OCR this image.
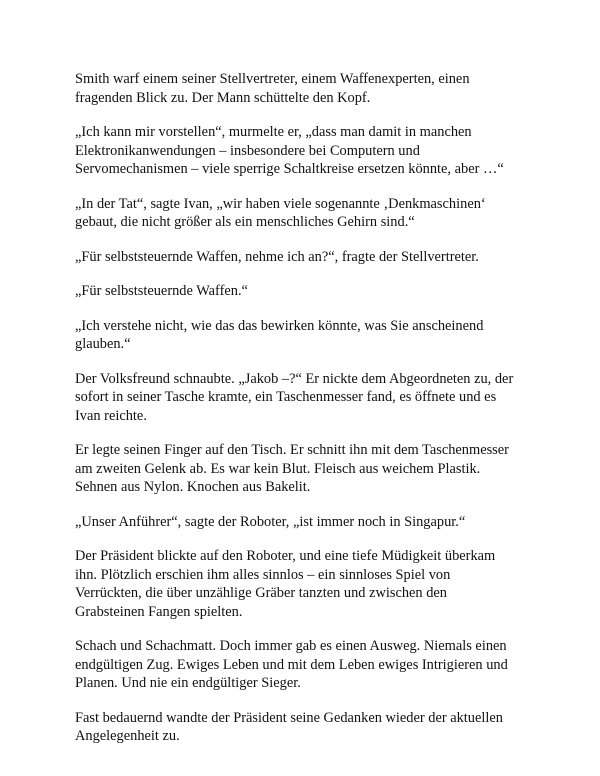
Smith warf einem seiner Stellvertreter, einem Waffenexperten, einen
fragenden Blick zu. Der Mann schüttelte den Kopf.

„Ich kann mir vorstellen“, murmelte er, „dass man damit in manchen
Elektronikanwendungen – insbesondere bei Computern und
Servomechanismen – viele sperrige Schaltkreise ersetzen könnte, aber …“

„In der Tat“, sagte Ivan, „wir haben viele sogenannte ‚Denkmaschinen‘
gebaut, die nicht größer als ein menschliches Gehirn sind.“

„Für selbststeuernde Waffen, nehme ich an?“, fragte der Stellvertreter.

„Für selbststeuernde Waffen.“

„Ich verstehe nicht, wie das das bewirken könnte, was Sie anscheinend
glauben.“

Der Volksfreund schnaubte. „Jakob –?“ Er nickte dem Abgeordneten zu, der
sofort in seiner Tasche kramte, ein Taschenmesser fand, es öffnete und es
Ivan reichte.

Er legte seinen Finger auf den Tisch. Er schnitt ihn mit dem Taschenmesser
am zweiten Gelenk ab. Es war kein Blut. Fleisch aus weichem Plastik.
Sehnen aus Nylon. Knochen aus Bakelit.

„Unser Anführer“, sagte der Roboter, „ist immer noch in Singapur.“

Der Präsident blickte auf den Roboter, und eine tiefe Müdigkeit überkam
ihn. Plötzlich erschien ihm alles sinnlos – ein sinnloses Spiel von
Verrückten, die über unzählige Gräber tanzten und zwischen den
Grabsteinen Fangen spielten.

Schach und Schachmatt. Doch immer gab es einen Ausweg. Niemals einen
endgültigen Zug. Ewiges Leben und mit dem Leben ewiges Intrigieren und
Planen. Und nie ein endgültiger Sieger.

Fast bedauernd wandte der Präsident seine Gedanken wieder der aktuellen
Angelegenheit zu.
